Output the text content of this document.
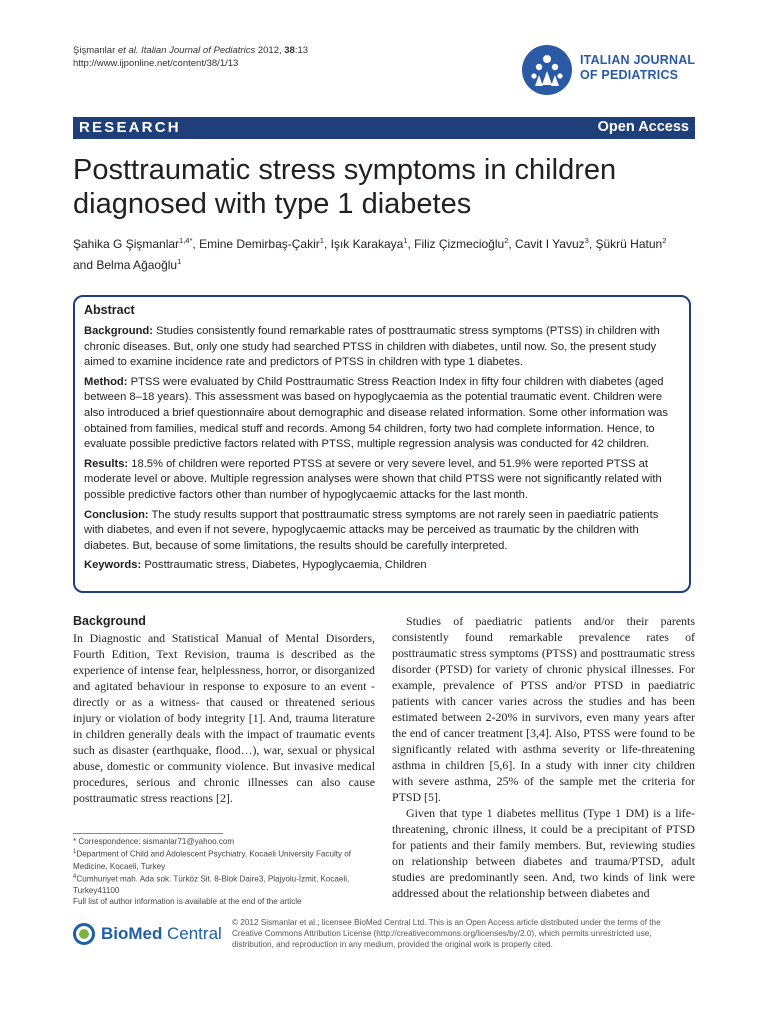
Şişmanlar et al. Italian Journal of Pediatrics 2012, 38:13
http://www.ijponline.net/content/38/1/13	ITALIAN JOURNAL
OF PEDIATRICS
RESEARCH	Open Access
Posttraumatic stress symptoms in children diagnosed with type 1 diabetes
Şahika G Şişmanlar$^{1,4*}$, Emine Demirbaş-Çakir$^1$, Işık Karakaya$^1$, Filiz Çizmecioğlu$^2$, Cavit I Yavuz$^3$, Şükrü Hatun$^2$
and Belma Ağaoğlu$^1$
Abstract

Background: Studies consistently found remarkable rates of posttraumatic stress symptoms (PTSS) in children with chronic diseases. But, only one study had searched PTSS in children with diabetes, until now. So, the present study aimed to examine incidence rate and predictors of PTSS in children with type 1 diabetes.

Method: PTSS were evaluated by Child Posttraumatic Stress Reaction Index in fifty four children with diabetes (aged between 8–18 years). This assessment was based on hypoglycaemia as the potential traumatic event. Children were also introduced a brief questionnaire about demographic and disease related information. Some other information was obtained from families, medical stuff and records. Among 54 children, forty two had complete information. Hence, to evaluate possible predictive factors related with PTSS, multiple regression analysis was conducted for 42 children.

Results: 18.5% of children were reported PTSS at severe or very severe level, and 51.9% were reported PTSS at moderate level or above. Multiple regression analyses were shown that child PTSS were not significantly related with possible predictive factors other than number of hypoglycaemic attacks for the last month.

Conclusion: The study results support that posttraumatic stress symptoms are not rarely seen in paediatric patients with diabetes, and even if not severe, hypoglycaemic attacks may be perceived as traumatic by the children with diabetes. But, because of some limitations, the results should be carefully interpreted.

Keywords: Posttraumatic stress, Diabetes, Hypoglycaemia, Children

Background

In Diagnostic and Statistical Manual of Mental Disorders, Fourth Edition, Text Revision, trauma is described as the experience of intense fear, helplessness, horror, or disorganized and agitated behaviour in response to exposure to an event -directly or as a witness- that caused or threatened serious injury or violation of body integrity [1]. And, trauma literature in children generally deals with the impact of traumatic events such as disaster (earthquake, flood…), war, sexual or physical abuse, domestic or community violence. But invasive medical procedures, serious and chronic illnesses can also cause posttraumatic stress reactions [2].

Studies of paediatric patients and/or their parents consistently found remarkable prevalence rates of posttraumatic stress symptoms (PTSS) and posttraumatic stress disorder (PTSD) for variety of chronic physical illnesses. For example, prevalence of PTSS and/or PTSD in paediatric patients with cancer varies across the studies and has been estimated between 2-20% in survivors, even many years after the end of cancer treatment [3,4]. Also, PTSS were found to be significantly related with asthma severity or life-threatening asthma in children [5,6]. In a study with inner city children with severe asthma, 25% of the sample met the criteria for PTSD [5].

Given that type 1 diabetes mellitus (Type 1 DM) is a life-threatening, chronic illness, it could be a precipitant of PTSD for patients and their family members. But, reviewing studies on relationship between diabetes and trauma/PTSD, adult studies are predominantly seen. And, two kinds of link were addressed about the relationship between diabetes and

* Correspondence: sismanlar71@yahoo.com

$^1$Department of Child and Adolescent Psychiatry, Kocaeli University Faculty of Medicine, Kocaeli, Turkey

$^4$Cumhuriyet mah. Ada sok. Türköz Sit. 8-Blok Daire3, Plajyolu-İzmit, Kocaeli, Turkey41100

Full list of author information is available at the end of the article

BioMed Central
© 2012 Sismanlar et al.; licensee BioMed Central Ltd. This is an Open Access article distributed under the terms of the Creative Commons Attribution License (http://creativecommons.org/licenses/by/2.0), which permits unrestricted use, distribution, and reproduction in any medium, provided the original work is properly cited.
